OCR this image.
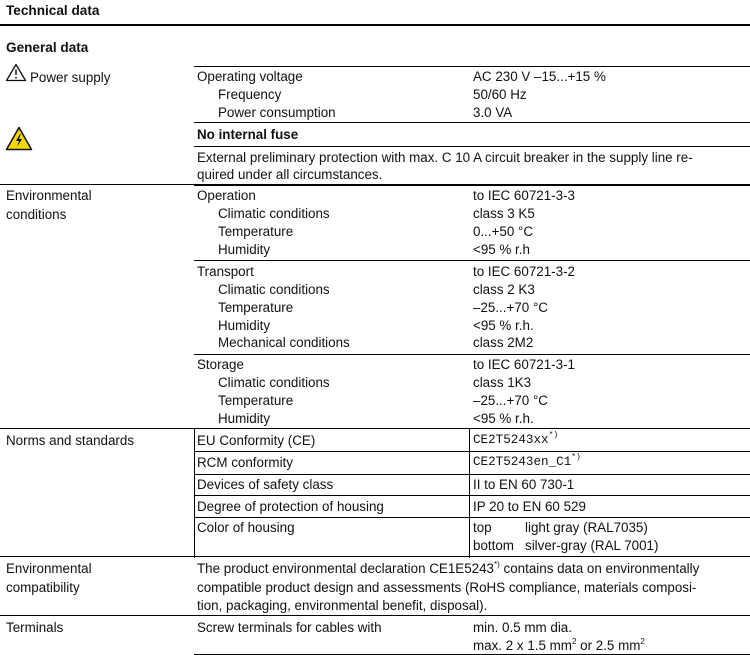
Technical data
General data
Power supply	Operating voltage	AC 230 V –15...+15 %
Frequency	50/60 Hz
Power consumption	3.0 VA
No internal fuse
External preliminary protection with max. C 10 A circuit breaker in the supply line re-
quired under all circumstances.
Environmental
conditions
Operation	to IEC 60721-3-3
Climatic conditions	class 3 K5
Temperature	0...+50 °C
Humidity	<95 % r.h
Transport	to IEC 60721-3-2
Climatic conditions	class 2 K3
Temperature	–25...+70 °C
Humidity	<95 % r.h.
Mechanical conditions	class 2M2
Storage	to IEC 60721-3-1
Climatic conditions	class 1K3
Temperature	–25...+70 °C
Humidity	<95 % r.h.
Norms and standards	EU Conformity (CE)	CE2T5243xx*)
RCM conformity	CE2T5243en_C1*)
Devices of safety class	II to EN 60 730-1
Degree of protection of housing	IP 20 to EN 60 529
Color of housing	top light gray (RAL7035)
bottom silver-gray (RAL 7001)
Environmental
compatibility
The product environmental declaration CE1E5243*) contains data on environmentally
compatible product design and assessments (RoHS compliance, materials composi-
tion, packaging, environmental benefit, disposal).
Terminals	Screw terminals for cables with	min. 0.5 mm dia.
max. 2 x 1.5 $mm^2$ or 2.5 $mm^2$
